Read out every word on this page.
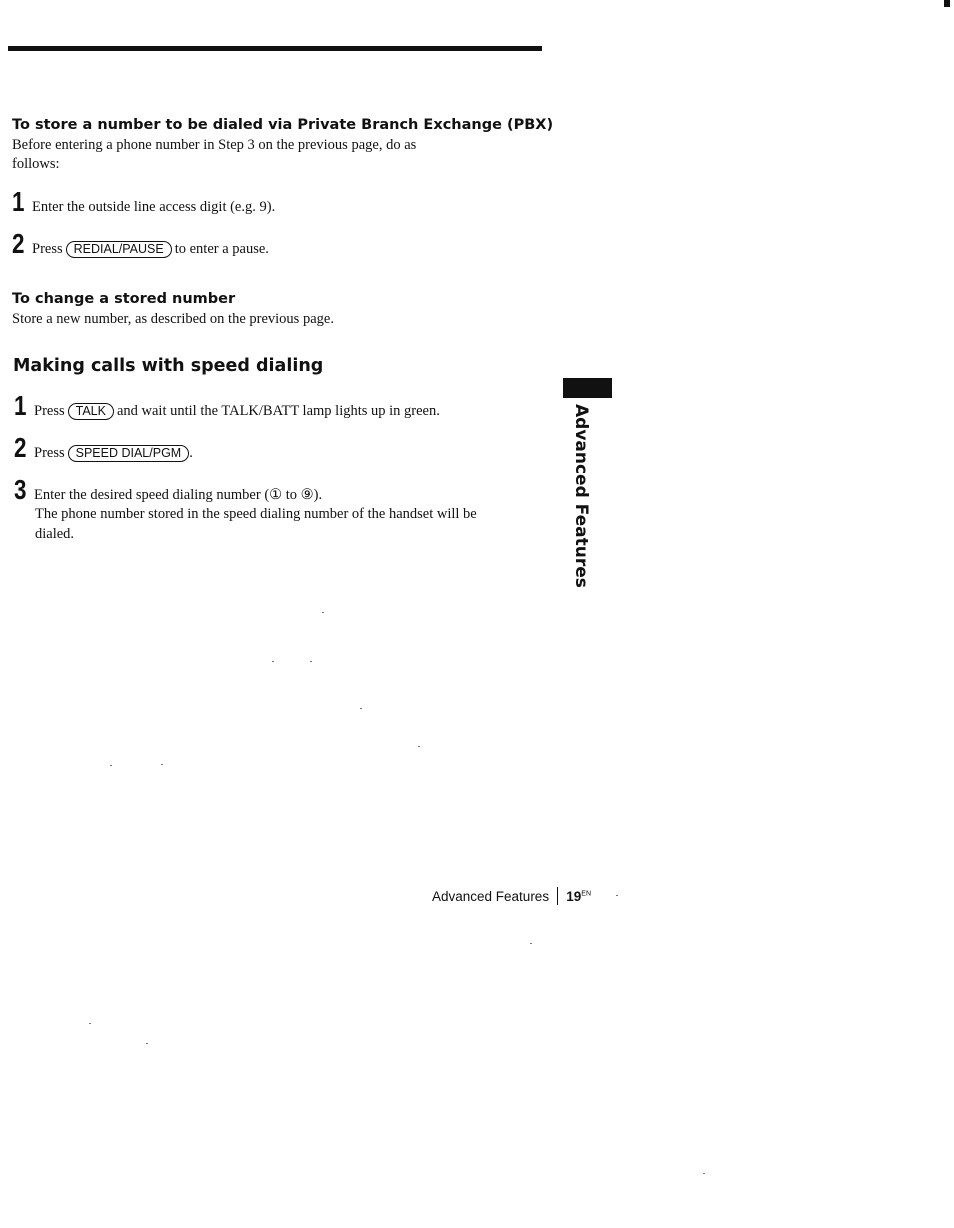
To store a number to be dialed via Private Branch Exchange (PBX)
Before entering a phone number in Step 3 on the previous page, do as
follows:
1 Enter the outside line access digit (e.g. 9).
2 Press REDIAL/PAUSE to enter a pause.
To change a stored number
Store a new number, as described on the previous page.
Making calls with speed dialing
1 Press TALK and wait until the TALK/BATT lamp lights up in green.
2 Press SPEED DIAL/PGM .
3 Enter the desired speed dialing number (① to ⑨).
The phone number stored in the speed dialing number of the handset will be
dialed.	Advanced Features
Advanced Features $19^{EN}$
